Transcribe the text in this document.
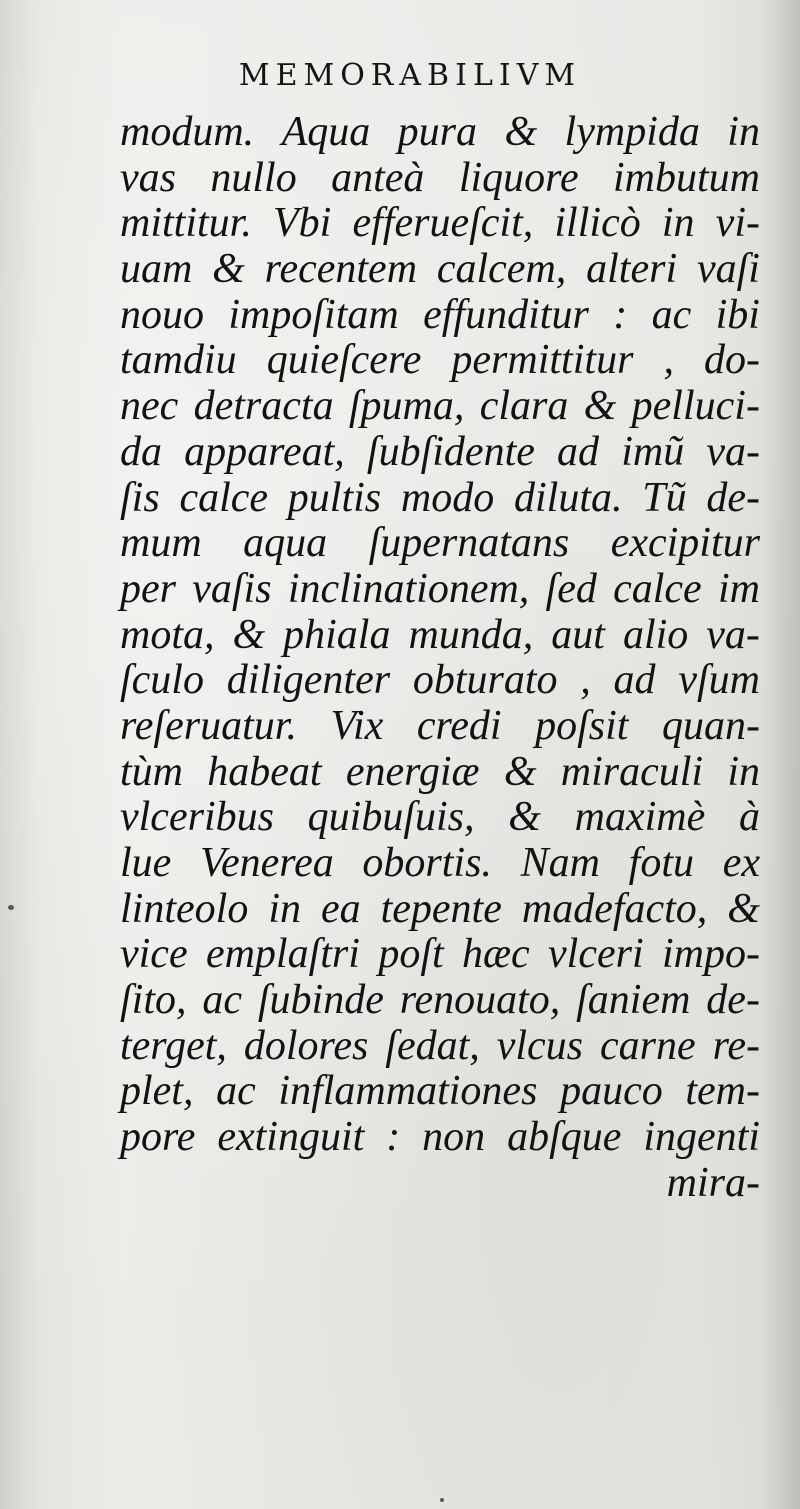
MEMORABILIVM
modum. Aqua pura & lympida in
vas nullo anteà liquore imbutum
mittitur. Vbi efferueſcit, illicò in vi-
uam & recentem calcem, alteri vaſi
nouo impoſitam effunditur : ac ibi
tamdiu quieſcere permittitur , do-
nec detracta ſpuma, clara & pelluci-
da appareat, ſubſidente ad imũ va-
ſis calce pultis modo diluta. Tũ de-
mum aqua ſupernatans excipitur
per vaſis inclinationem, ſed calce im
mota, & phiala munda, aut alio va-
ſculo diligenter obturato , ad vſum
reſeruatur. Vix credi poſsit quan-
tùm habeat energiæ & miraculi in
vlceribus quibuſuis, & maximè à
lue Venerea obortis. Nam fotu ex
linteolo in ea tepente madefacto, &
vice emplaſtri poſt hæc vlceri impo-
ſito, ac ſubinde renouato, ſaniem de-
terget, dolores ſedat, vlcus carne re-
plet, ac inflammationes pauco tem-
pore extinguit : non abſque ingenti
mira-
